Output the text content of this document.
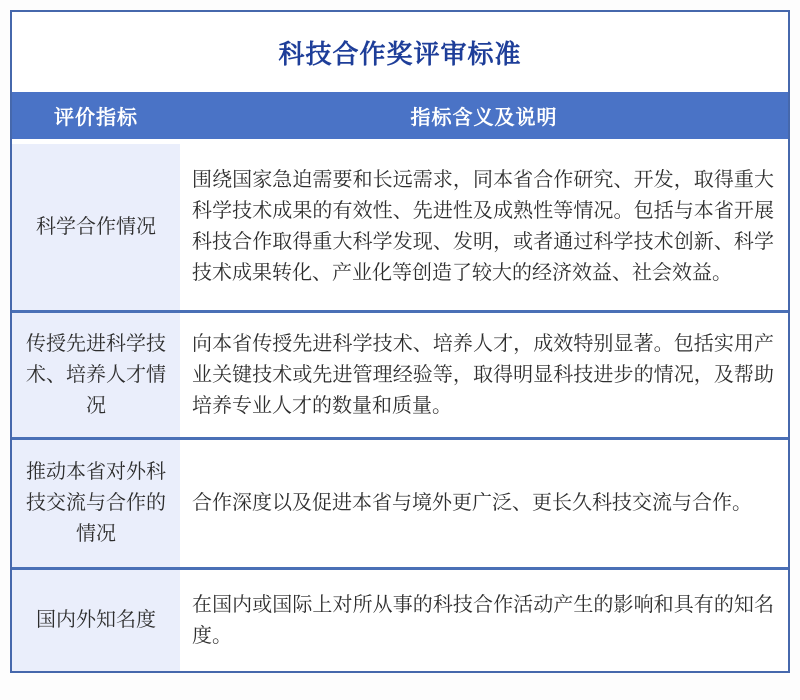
科技合作奖评审标准
评价指标	指标含义及说明
科学合作情况
围绕国家急迫需要和长远需求，同本省合作研究、开发，取得重大科学技术成果的有效性、先进性及成熟性等情况。包括与本省开展科技合作取得重大科学发现、发明，或者通过科学技术创新、科学技术成果转化、产业化等创造了较大的经济效益、社会效益。
传授先进科学技术、培养人才情况
向本省传授先进科学技术、培养人才，成效特别显著。包括实用产业关键技术或先进管理经验等，取得明显科技进步的情况，及帮助培养专业人才的数量和质量。
推动本省对外科技交流与合作的情况
合作深度以及促进本省与境外更广泛、更长久科技交流与合作。
国内外知名度
在国内或国际上对所从事的科技合作活动产生的影响和具有的知名度。
